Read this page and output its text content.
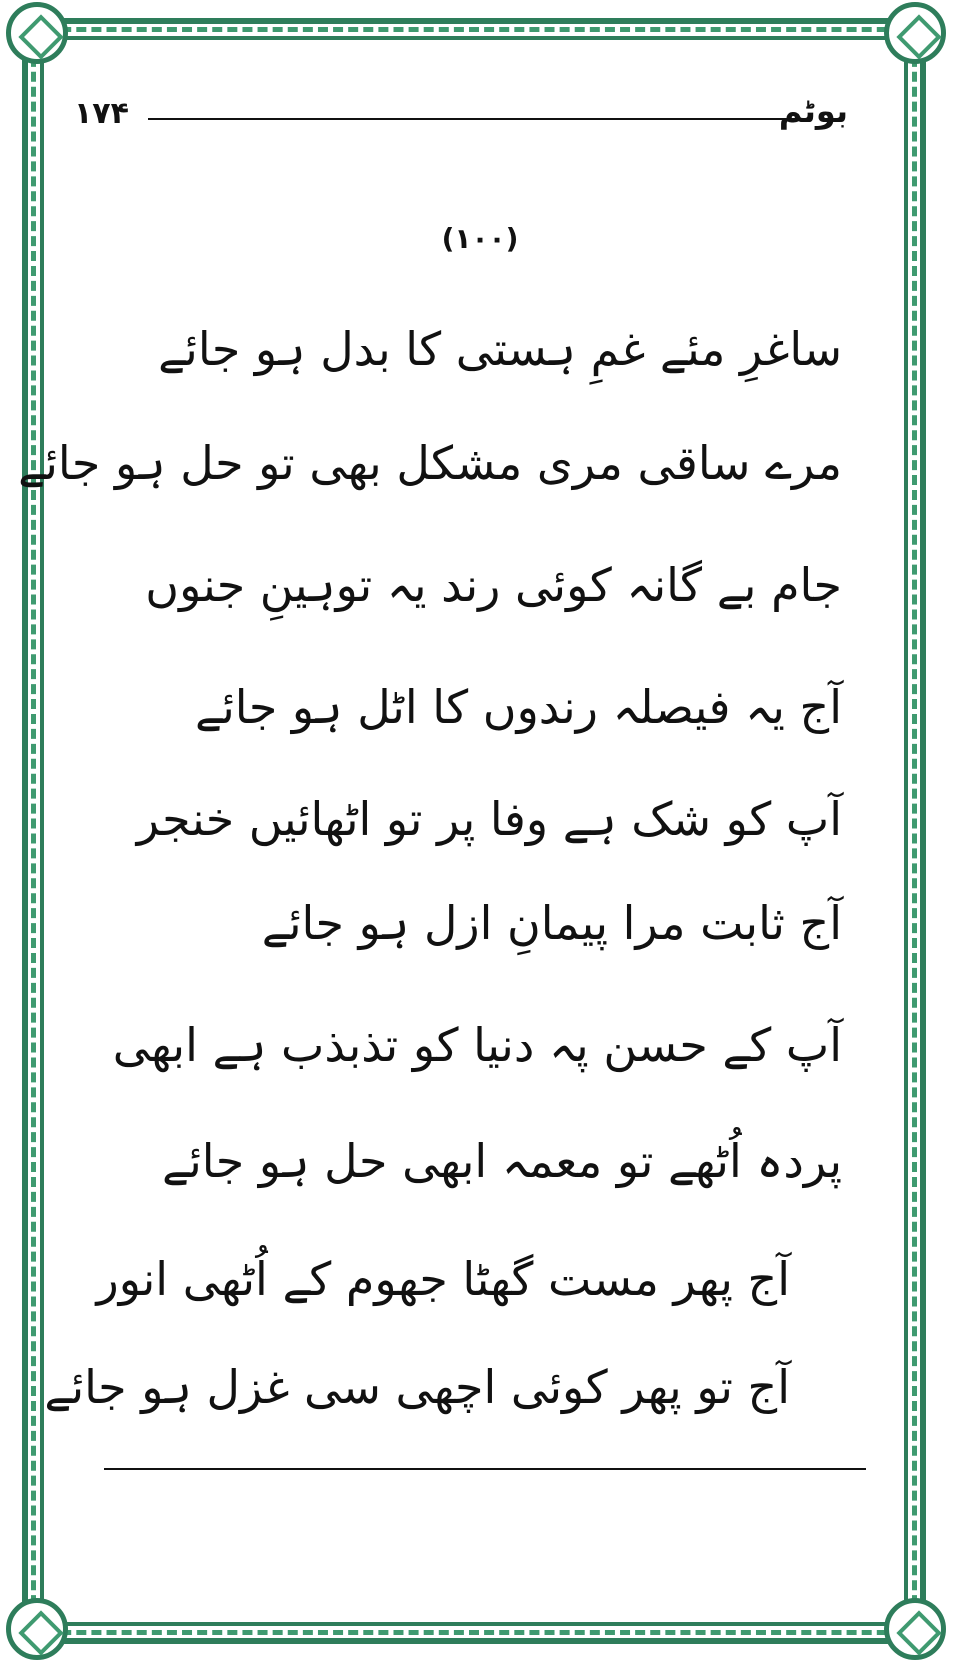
۱۷۴	بوٹم
(۱۰۰)
ساغرِ مئے غمِ ہستی کا بدل ہو جائے
مرے ساقی مری مشکل بھی تو حل ہو جائے
جام بے گانہ کوئی رند یہ توہینِ جنوں
آج یہ فیصلہ رندوں کا اٹل ہو جائے
آپ کو شک ہے وفا پر تو اٹھائیں خنجر
آج ثابت مرا پیمانِ ازل ہو جائے
آپ کے حسن پہ دنیا کو تذبذب ہے ابھی
پردہ اُٹھے تو معمہ ابھی حل ہو جائے
آج پھر مست گھٹا جھوم کے اُٹھی انور
آج تو پھر کوئی اچھی سی غزل ہو جائے
